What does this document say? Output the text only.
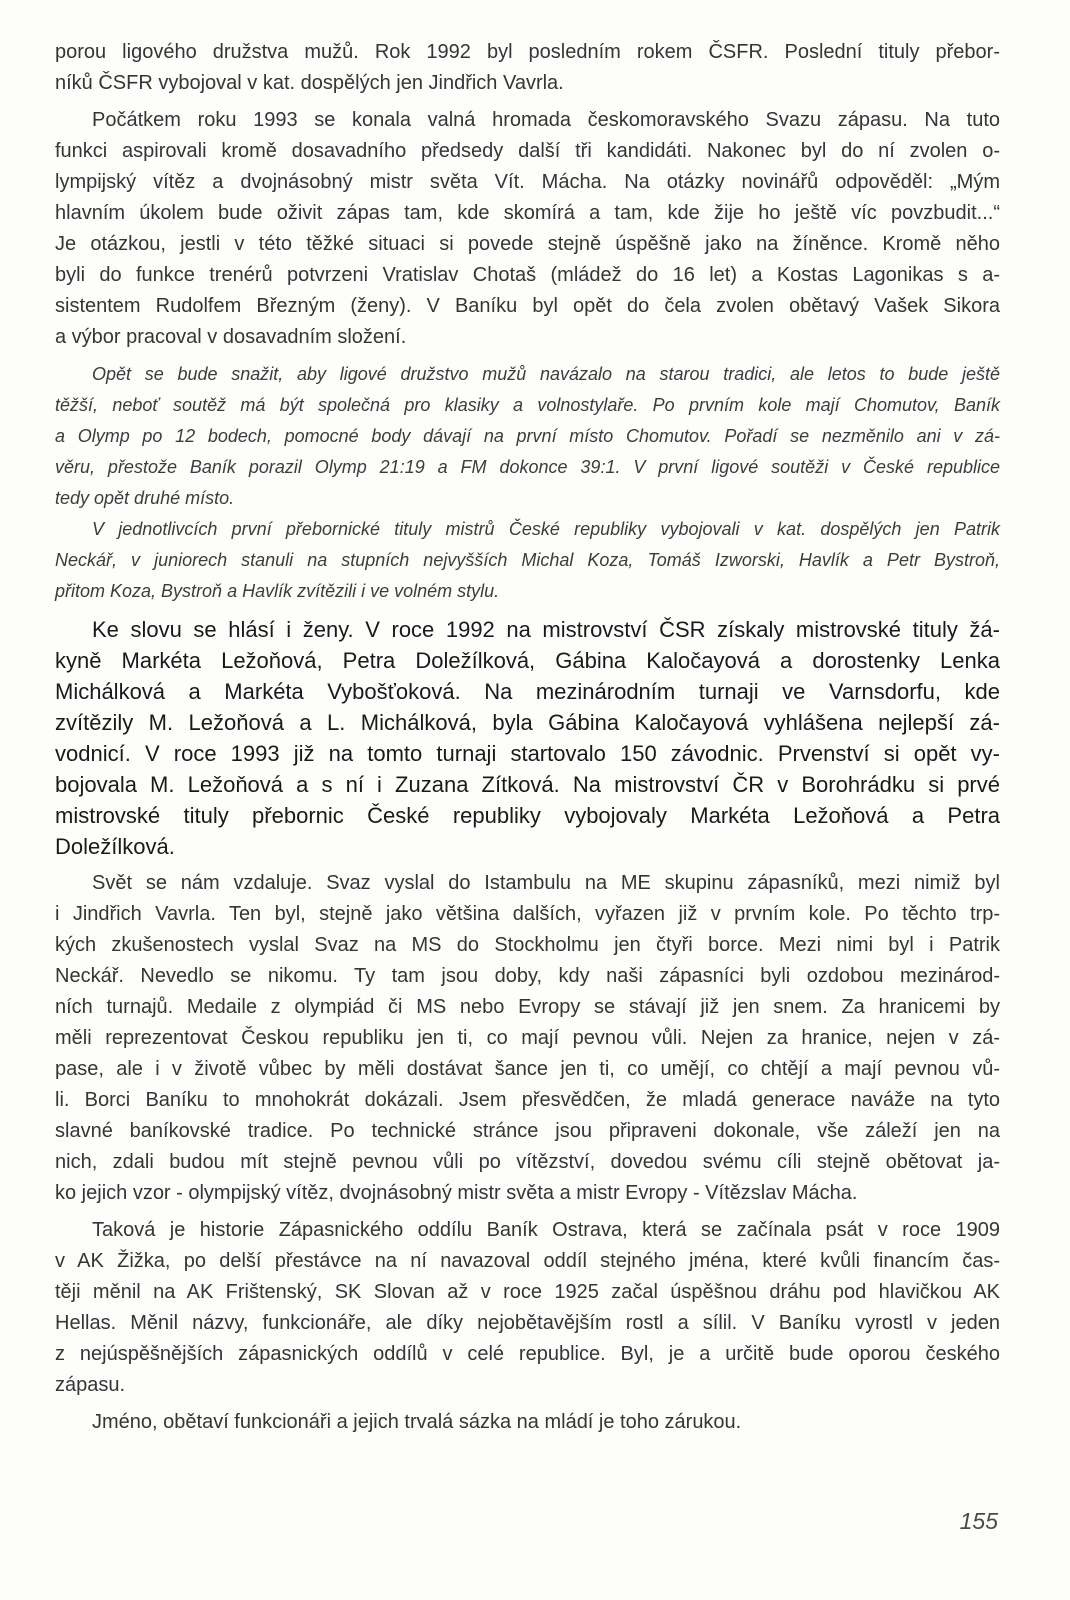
porou ligového družstva mužů. Rok 1992 byl posledním rokem ČSFR. Poslední tituly přebor-
níků ČSFR vybojoval v kat. dospělých jen Jindřich Vavrla.
Počátkem roku 1993 se konala valná hromada českomoravského Svazu zápasu. Na tuto
funkci aspirovali kromě dosavadního předsedy další tři kandidáti. Nakonec byl do ní zvolen o-
lympijský vítěz a dvojnásobný mistr světa Vít. Mácha. Na otázky novinářů odpověděl: „Mým
hlavním úkolem bude oživit zápas tam, kde skomírá a tam, kde žije ho ještě víc povzbudit...“
Je otázkou, jestli v této těžké situaci si povede stejně úspěšně jako na žíněnce. Kromě něho
byli do funkce trenérů potvrzeni Vratislav Chotaš (mládež do 16 let) a Kostas Lagonikas s a-
sistentem Rudolfem Březným (ženy). V Baníku byl opět do čela zvolen obětavý Vašek Sikora
a výbor pracoval v dosavadním složení.
Opět se bude snažit, aby ligové družstvo mužů navázalo na starou tradici, ale letos to bude ještě
těžší, neboť soutěž má být společná pro klasiky a volnostylaře. Po prvním kole mají Chomutov, Baník
a Olymp po 12 bodech, pomocné body dávají na první místo Chomutov. Pořadí se nezměnilo ani v zá-
věru, přestože Baník porazil Olymp 21:19 a FM dokonce 39:1. V první ligové soutěži v České republice
tedy opět druhé místo.
V jednotlivcích první přebornické tituly mistrů České republiky vybojovali v kat. dospělých jen Patrik
Neckář, v juniorech stanuli na stupních nejvyšších Michal Koza, Tomáš Izworski, Havlík a Petr Bystroň,
přitom Koza, Bystroň a Havlík zvítězili i ve volném stylu.
Ke slovu se hlásí i ženy. V roce 1992 na mistrovství ČSR získaly mistrovské tituly žá-
kyně Markéta Ležoňová, Petra Doležílková, Gábina Kaločayová a dorostenky Lenka
Michálková a Markéta Vybošťoková. Na mezinárodním turnaji ve Varnsdorfu, kde
zvítězily M. Ležoňová a L. Michálková, byla Gábina Kaločayová vyhlášena nejlepší zá-
vodnicí. V roce 1993 již na tomto turnaji startovalo 150 závodnic. Prvenství si opět vy-
bojovala M. Ležoňová a s ní i Zuzana Zítková. Na mistrovství ČR v Borohrádku si prvé
mistrovské tituly přebornic České republiky vybojovaly Markéta Ležoňová a Petra
Doležílková.
Svět se nám vzdaluje. Svaz vyslal do Istambulu na ME skupinu zápasníků, mezi nimiž byl
i Jindřich Vavrla. Ten byl, stejně jako většina dalších, vyřazen již v prvním kole. Po těchto trp-
kých zkušenostech vyslal Svaz na MS do Stockholmu jen čtyři borce. Mezi nimi byl i Patrik
Neckář. Nevedlo se nikomu. Ty tam jsou doby, kdy naši zápasníci byli ozdobou mezinárod-
ních turnajů. Medaile z olympiád či MS nebo Evropy se stávají již jen snem. Za hranicemi by
měli reprezentovat Českou republiku jen ti, co mají pevnou vůli. Nejen za hranice, nejen v zá-
pase, ale i v životě vůbec by měli dostávat šance jen ti, co umějí, co chtějí a mají pevnou vů-
li. Borci Baníku to mnohokrát dokázali. Jsem přesvědčen, že mladá generace naváže na tyto
slavné baníkovské tradice. Po technické stránce jsou připraveni dokonale, vše záleží jen na
nich, zdali budou mít stejně pevnou vůli po vítězství, dovedou svému cíli stejně obětovat ja-
ko jejich vzor - olympijský vítěz, dvojnásobný mistr světa a mistr Evropy - Vítězslav Mácha.
Taková je historie Zápasnického oddílu Baník Ostrava, která se začínala psát v roce 1909
v AK Žižka, po delší přestávce na ní navazoval oddíl stejného jména, které kvůli financím čas-
těji měnil na AK Frištenský, SK Slovan až v roce 1925 začal úspěšnou dráhu pod hlavičkou AK
Hellas. Měnil názvy, funkcionáře, ale díky nejobětavějším rostl a sílil. V Baníku vyrostl v jeden
z nejúspěšnějších zápasnických oddílů v celé republice. Byl, je a určitě bude oporou českého
zápasu.
Jméno, obětaví funkcionáři a jejich trvalá sázka na mládí je toho zárukou.
155
